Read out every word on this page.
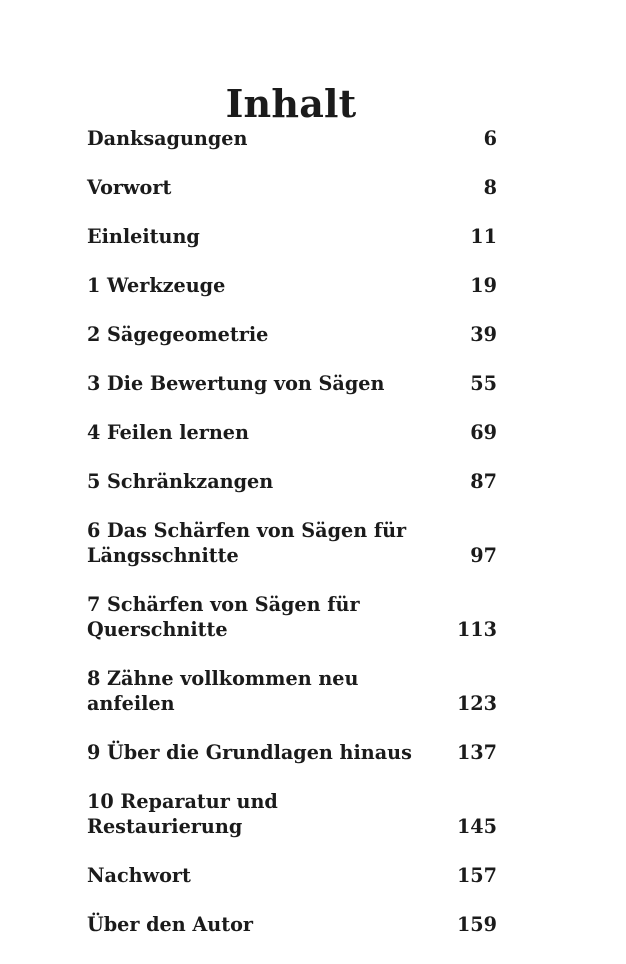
Inhalt
Danksagungen	6
Vorwort	8
Einleitung	11
1 Werkzeuge	19
2 Sägegeometrie	39
3 Die Bewertung von Sägen	55
4 Feilen lernen	69
5 Schränkzangen	87
6 Das Schärfen von Sägen für Längsschnitte	97
7 Schärfen von Sägen für Querschnitte	113
8 Zähne vollkommen neu anfeilen	123
9 Über die Grundlagen hinaus 137
10 Reparatur und Restaurierung	145
Nachwort	157
Über den Autor	159
